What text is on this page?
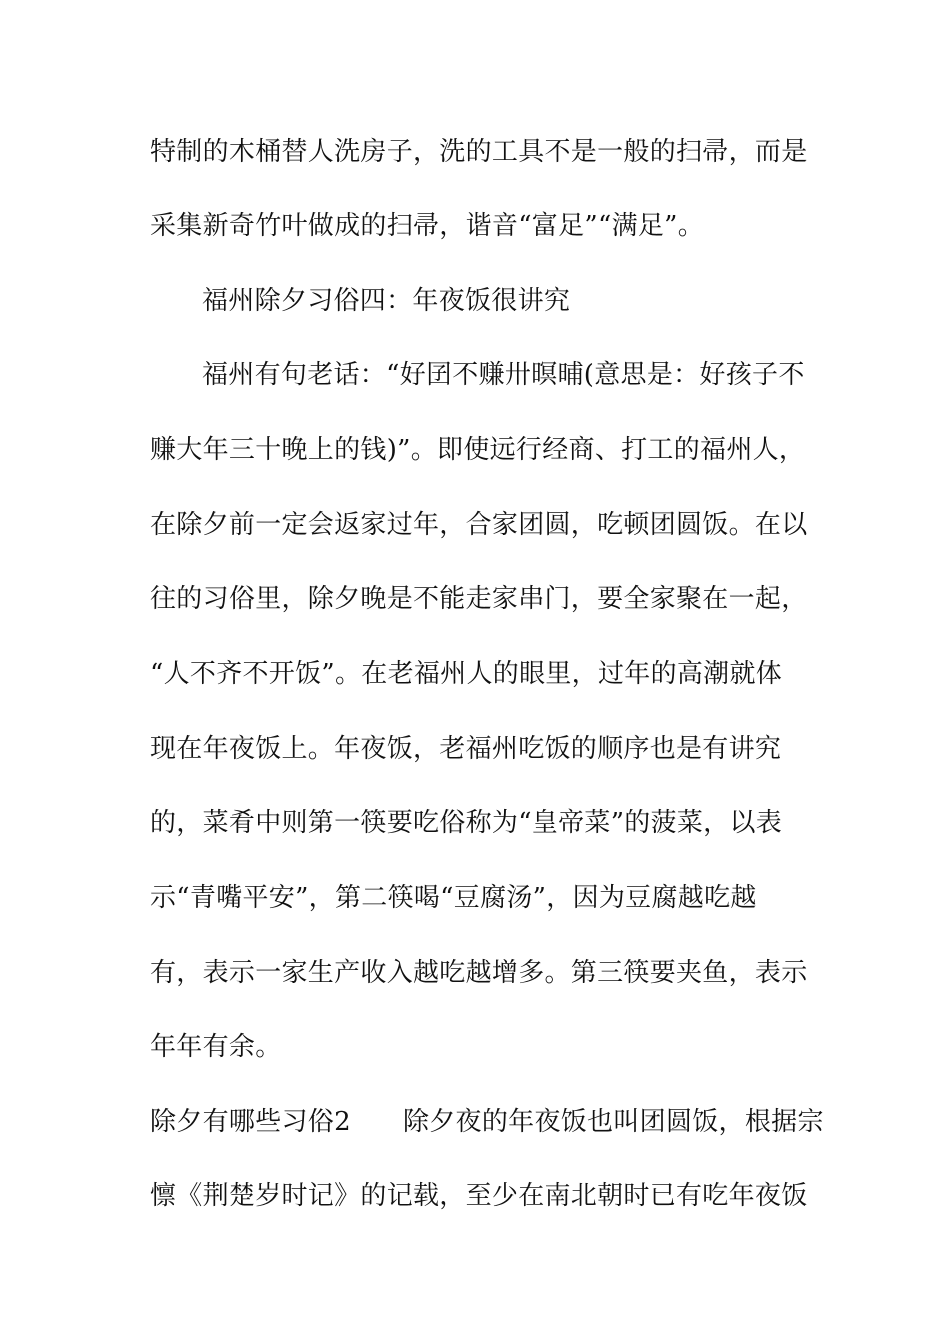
特制的木桶替人洗房子，洗的工具不是一般的扫帚，而是
采集新奇竹叶做成的扫帚，谐音“富足”“满足”。
福州除夕习俗四：年夜饭很讲究
福州有句老话：“好囝不赚卅暝晡(意思是：好孩子不
赚大年三十晚上的钱)”。即使远行经商、打工的福州人，
在除夕前一定会返家过年，合家团圆，吃顿团圆饭。在以
往的习俗里，除夕晚是不能走家串门，要全家聚在一起，
“人不齐不开饭”。在老福州人的眼里，过年的高潮就体
现在年夜饭上。年夜饭，老福州吃饭的顺序也是有讲究
的，菜肴中则第一筷要吃俗称为“皇帝菜”的菠菜，以表
示“青嘴平安”，第二筷喝“豆腐汤”，因为豆腐越吃越
有，表示一家生产收入越吃越增多。第三筷要夹鱼，表示
年年有余。
除夕有哪些习俗2 除夕夜的年夜饭也叫团圆饭，根据宗
懔《荆楚岁时记》的记载，至少在南北朝时已有吃年夜饭
